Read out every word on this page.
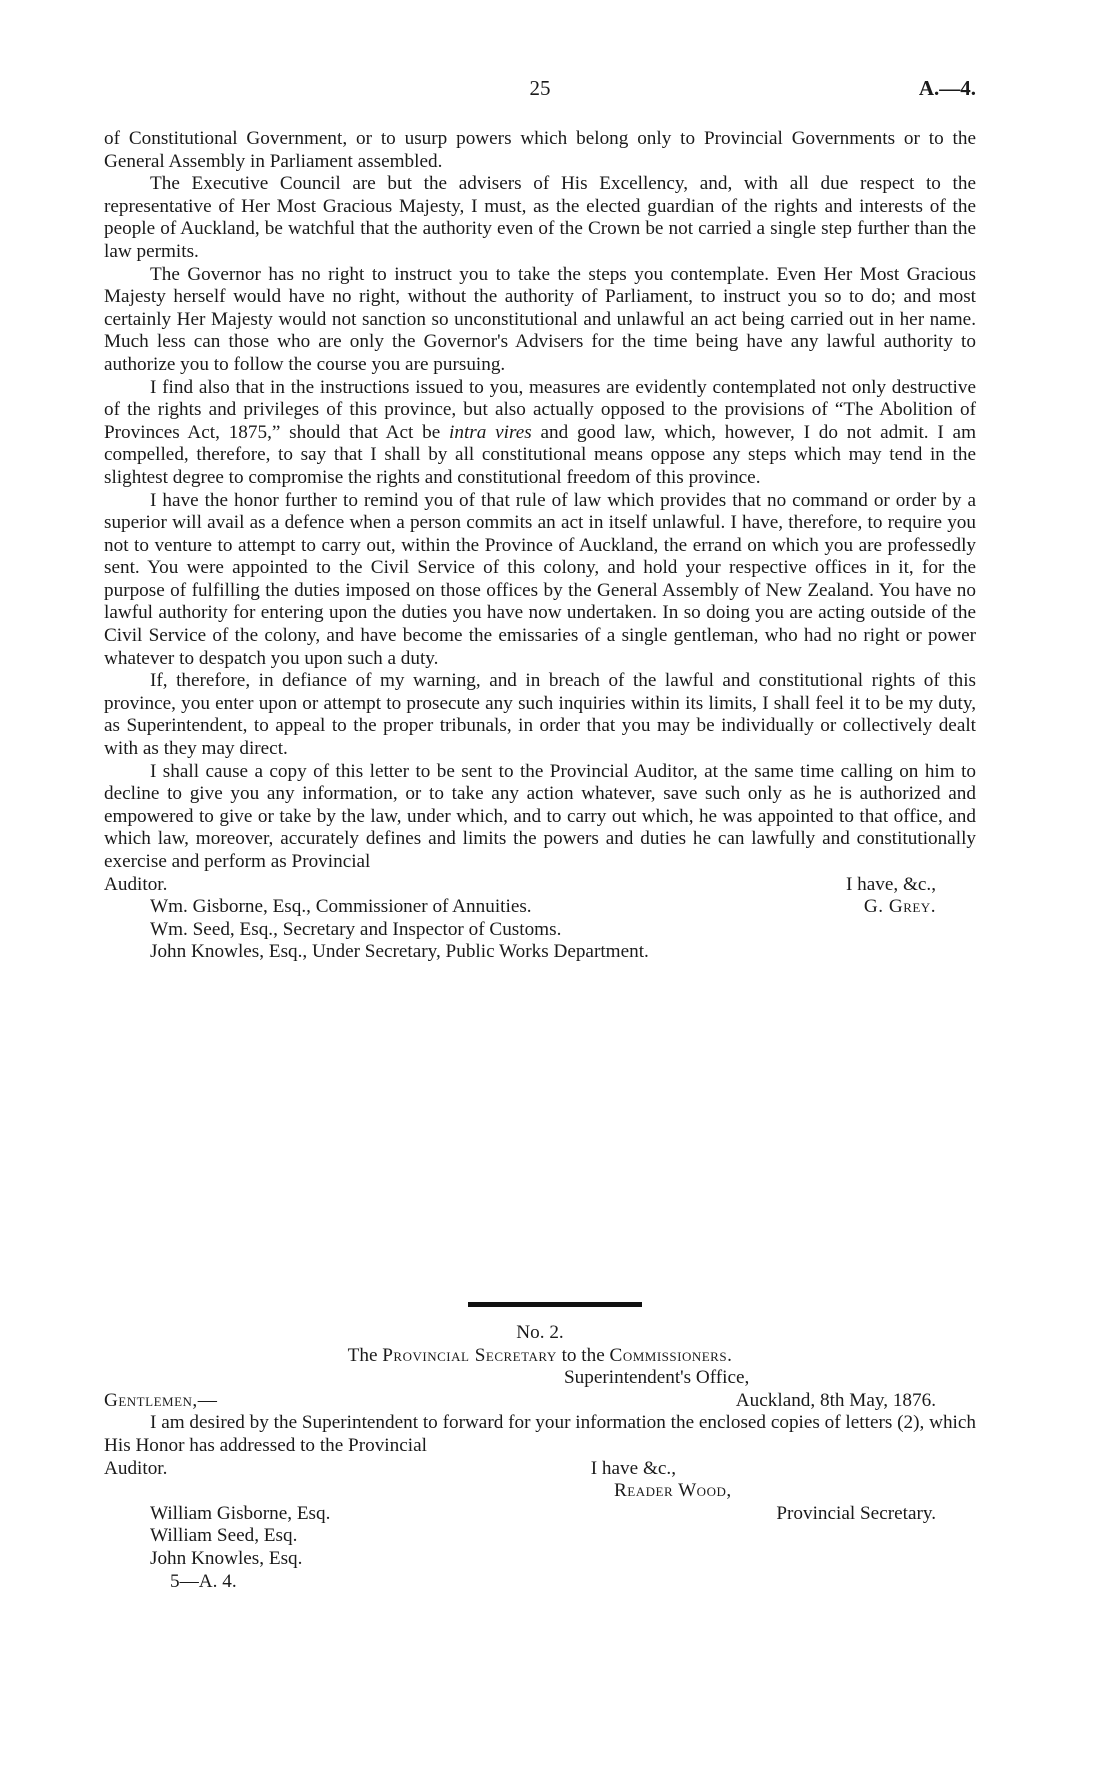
25	A.—4.

of Constitutional Government, or to usurp powers which belong only to Provincial Governments or to the General Assembly in Parliament assembled.

The Executive Council are but the advisers of His Excellency, and, with all due respect to the representative of Her Most Gracious Majesty, I must, as the elected guardian of the rights and interests of the people of Auckland, be watchful that the authority even of the Crown be not carried a single step further than the law permits.

The Governor has no right to instruct you to take the steps you contemplate. Even Her Most Gracious Majesty herself would have no right, without the authority of Parliament, to instruct you so to do; and most certainly Her Majesty would not sanction so unconstitutional and unlawful an act being carried out in her name. Much less can those who are only the Governor's Advisers for the time being have any lawful authority to authorize you to follow the course you are pursuing.

I find also that in the instructions issued to you, measures are evidently contemplated not only destructive of the rights and privileges of this province, but also actually opposed to the provisions of “The Abolition of Provinces Act, 1875,” should that Act be intra vires and good law, which, however, I do not admit. I am compelled, therefore, to say that I shall by all constitutional means oppose any steps which may tend in the slightest degree to compromise the rights and constitutional freedom of this province.

I have the honor further to remind you of that rule of law which provides that no command or order by a superior will avail as a defence when a person commits an act in itself unlawful. I have, therefore, to require you not to venture to attempt to carry out, within the Province of Auckland, the errand on which you are professedly sent. You were appointed to the Civil Service of this colony, and hold your respective offices in it, for the purpose of fulfilling the duties imposed on those offices by the General Assembly of New Zealand. You have no lawful authority for entering upon the duties you have now undertaken. In so doing you are acting outside of the Civil Service of the colony, and have become the emissaries of a single gentleman, who had no right or power whatever to despatch you upon such a duty.

If, therefore, in defiance of my warning, and in breach of the lawful and constitutional rights of this province, you enter upon or attempt to prosecute any such inquiries within its limits, I shall feel it to be my duty, as Superintendent, to appeal to the proper tribunals, in order that you may be individually or collectively dealt with as they may direct.

I shall cause a copy of this letter to be sent to the Provincial Auditor, at the same time calling on him to decline to give you any information, or to take any action whatever, save such only as he is authorized and empowered to give or take by the law, under which, and to carry out which, he was appointed to that office, and which law, moreover, accurately defines and limits the powers and duties he can lawfully and constitutionally exercise and perform as Provincial

Auditor.	I have, &c.,
Wm. Gisborne, Esq., Commissioner of Annuities.	G. Grey.
Wm. Seed, Esq., Secretary and Inspector of Customs.
John Knowles, Esq., Under Secretary, Public Works Department.
No. 2.
The Provincial Secretary to the Commissioners.
Superintendent's Office,
Gentlemen,—	Auckland, 8th May, 1876.

I am desired by the Superintendent to forward for your information the enclosed copies of letters (2), which His Honor has addressed to the Provincial

Auditor.	I have &c.,
Reader Wood,
William Gisborne, Esq.	Provincial Secretary.
William Seed, Esq.
John Knowles, Esq.
5—A. 4.
